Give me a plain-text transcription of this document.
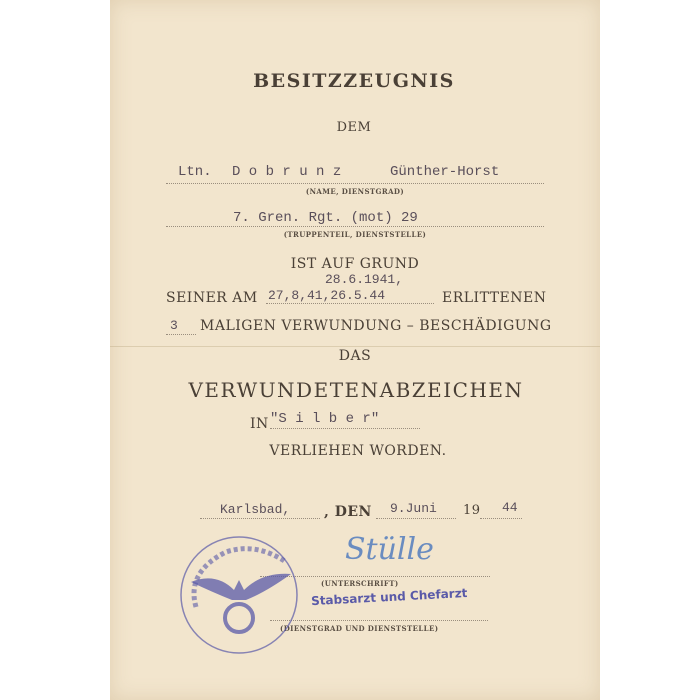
BESITZZEUGNIS
DEM
Ltn. D o b r u n z	Günther-Horst
(NAME, DIENSTGRAD)
7. Gren. Rgt. (mot) 29
(TRUPPENTEIL, DIENSTSTELLE)
IST AUF GRUND
28.6.1941,
SEINER AM 27,8,41,26.5.44	ERLITTENEN
3 MALIGEN VERWUNDUNG – BESCHÄDIGUNG
DAS
VERWUNDETENABZEICHEN
IN "S i l b e r"
VERLIEHEN WORDEN.
Karlsbad, , DEN 9.Juni 19 44
Stülle
(UNTERSCHRIFT)
Stabsarzt und Chefarzt
(DIENSTGRAD UND DIENSTSTELLE)
